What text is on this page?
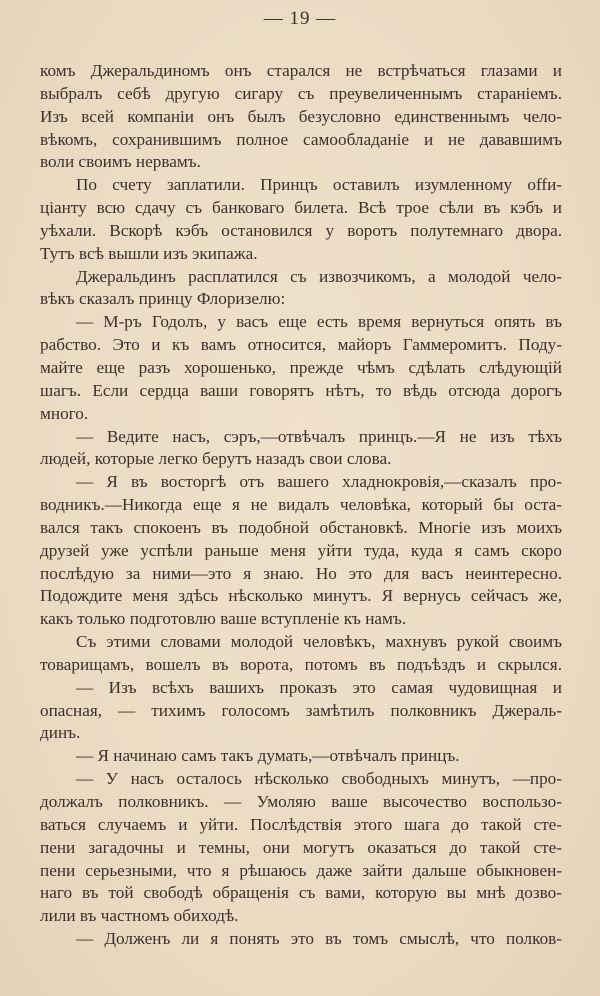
— 19 —
комъ Джеральдиномъ онъ старался не встрѣчаться глазами и
выбралъ себѣ другую сигару съ преувеличеннымъ стараніемъ.
Изъ всей компаніи онъ былъ безусловно единственнымъ чело-
вѣкомъ, сохранившимъ полное самообладаніе и не дававшимъ
воли своимъ нервамъ.
По счету заплатили. Принцъ оставилъ изумленному offи-
ціанту всю сдачу съ банковаго билета. Всѣ трое сѣли въ кэбъ и
уѣхали. Вскорѣ кэбъ остановился у воротъ полутемнаго двора.
Тутъ всѣ вышли изъ экипажа.
Джеральдинъ расплатился съ извозчикомъ, а молодой чело-
вѣкъ сказалъ принцу Флоризелю:
— М-ръ Годолъ, у васъ еще есть время вернуться опять въ
рабство. Это и къ вамъ относится, майоръ Гаммеромитъ. Поду-
майте еще разъ хорошенько, прежде чѣмъ сдѣлать слѣдующій
шагъ. Если сердца ваши говорятъ нѣтъ, то вѣдь отсюда дорогъ
много.
— Ведите насъ, сэръ,—отвѣчалъ принцъ.—Я не изъ тѣхъ
людей, которые легко берутъ назадъ свои слова.
— Я въ восторгѣ отъ вашего хладнокровія,—сказалъ про-
водникъ.—Никогда еще я не видалъ человѣка, который бы оста-
вался такъ спокоенъ въ подобной обстановкѣ. Многіе изъ моихъ
друзей уже успѣли раньше меня уйти туда, куда я самъ скоро
послѣдую за ними—это я знаю. Но это для васъ неинтересно.
Подождите меня здѣсь нѣсколько минутъ. Я вернусь сейчасъ же,
какъ только подготовлю ваше вступленіе къ намъ.
Съ этими словами молодой человѣкъ, махнувъ рукой своимъ
товарищамъ, вошелъ въ ворота, потомъ въ подъѣздъ и скрылся.
— Изъ всѣхъ вашихъ проказъ это самая чудовищная и
опасная, — тихимъ голосомъ замѣтилъ полковникъ Джераль-
динъ.
— Я начинаю самъ такъ думать,—отвѣчалъ принцъ.
— У насъ осталось нѣсколько свободныхъ минутъ, —про-
должалъ полковникъ. — Умоляю ваше высочество воспользо-
ваться случаемъ и уйти. Послѣдствія этого шага до такой сте-
пени загадочны и темны, они могутъ оказаться до такой сте-
пени серьезными, что я рѣшаюсь даже зайти дальше обыкновен-
наго въ той свободѣ обращенія съ вами, которую вы мнѣ дозво-
лили въ частномъ обиходѣ.
— Долженъ ли я понять это въ томъ смыслѣ, что полков-
